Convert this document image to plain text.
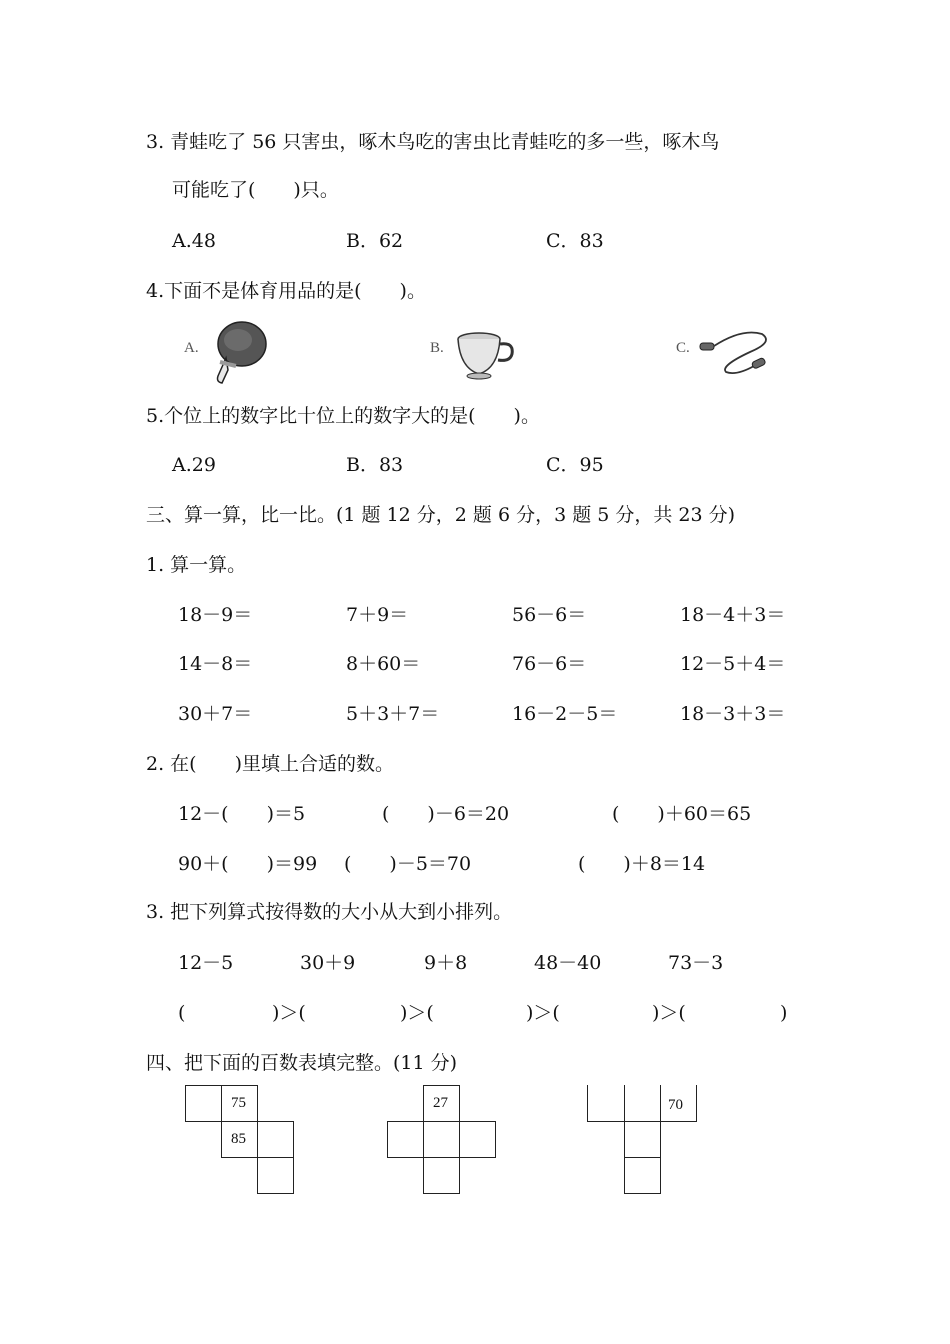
3. 青蛙吃了 56 只害虫，啄木鸟吃的害虫比青蛙吃的多一些，啄木鸟
可能吃了(　　)只。
A.48	B．62	C．83
4.下面不是体育用品的是(　　)。
A.	B.	C.
5.个位上的数字比十位上的数字大的是(　　)。
A.29	B．83	C．95
三、算一算，比一比。(1 题 12 分，2 题 6 分，3 题 5 分，共 23 分)
1. 算一算。
18－9＝	7＋9＝	56－6＝	18－4＋3＝
14－8＝	8＋60＝	76－6＝	12－5＋4＝
30＋7＝	5＋3＋7＝	16－2－5＝	18－3＋3＝
2. 在(　　)里填上合适的数。
12－(　　)＝5	(　　)－6＝20	(　　)＋60＝65
90＋(　　)＝99 (　　)－5＝70	(　　)＋8＝14
3. 把下列算式按得数的大小从大到小排列。
12－5	30＋9	9＋8	48－40	73－3
(	)＞(	)＞(	)＞(	)＞(	)
四、把下面的百数表填完整。(11 分)
75
85
27	70
